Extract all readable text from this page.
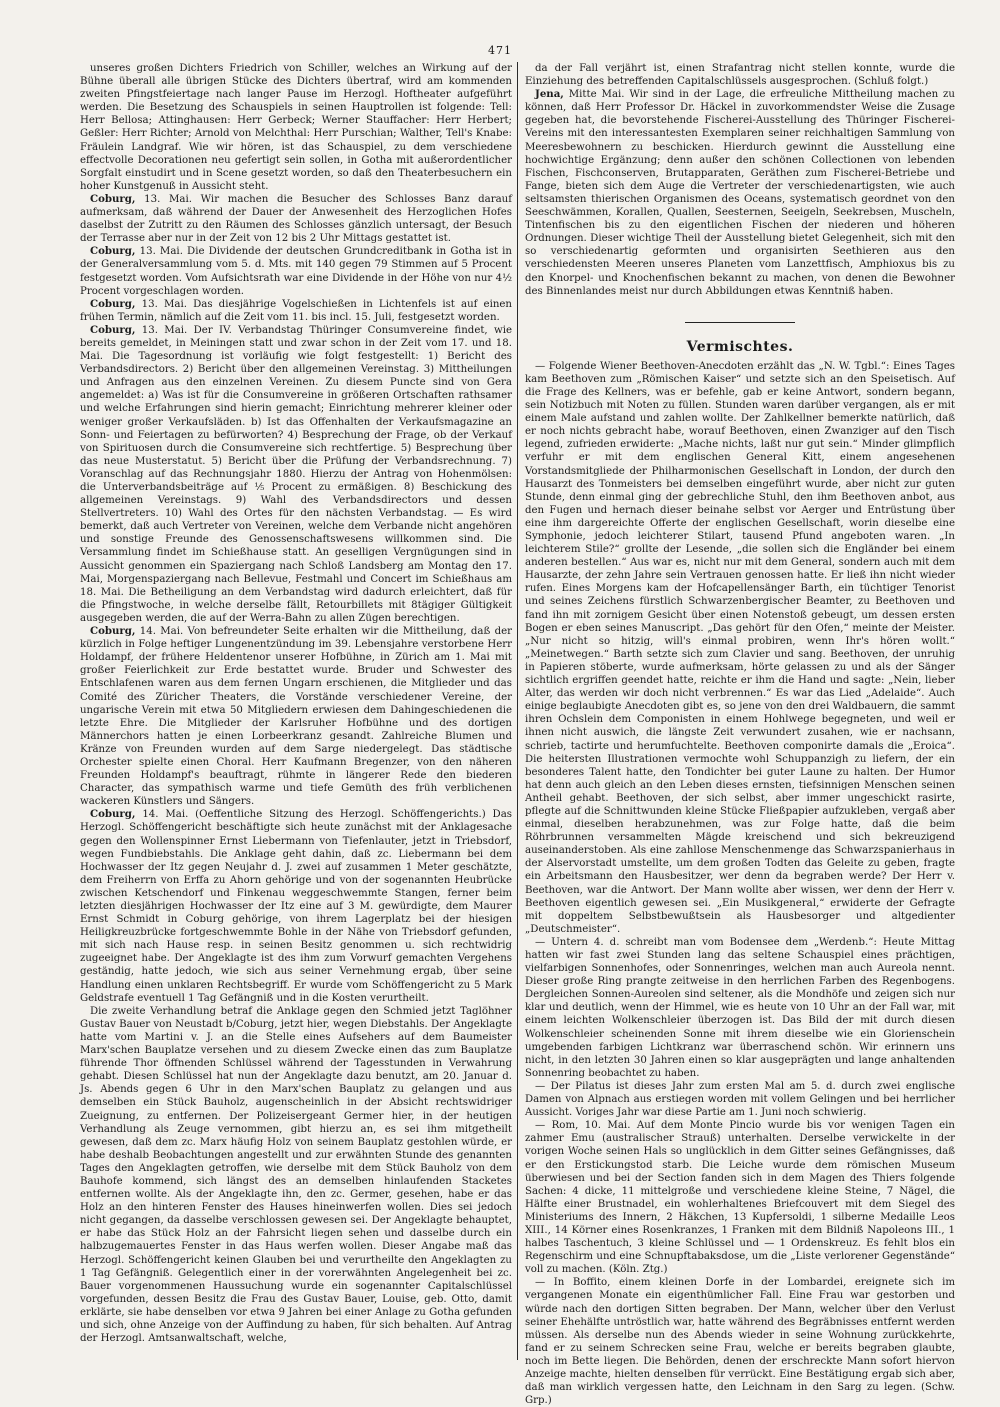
471

unseres großen Dichters Friedrich von Schiller, welches an Wirkung auf der Bühne überall alle übrigen Stücke des Dichters übertraf, wird am kommenden zweiten Pfingstfeiertage nach langer Pause im Herzogl. Hoftheater aufgeführt werden. Die Besetzung des Schauspiels in seinen Hauptrollen ist folgende: Tell: Herr Bellosa; Attinghausen: Herr Gerbeck; Werner Stauffacher: Herr Herbert; Geßler: Herr Richter; Arnold von Melchthal: Herr Purschian; Walther, Tell's Knabe: Fräulein Landgraf. Wie wir hören, ist das Schauspiel, zu dem verschiedene effectvolle Decorationen neu gefertigt sein sollen, in Gotha mit außerordentlicher Sorgfalt einstudirt und in Scene gesetzt worden, so daß den Theaterbesuchern ein hoher Kunstgenuß in Aussicht steht.

Coburg, 13. Mai. Wir machen die Besucher des Schlosses Banz darauf aufmerksam, daß während der Dauer der Anwesenheit des Herzoglichen Hofes daselbst der Zutritt zu den Räumen des Schlosses gänzlich untersagt, der Besuch der Terrasse aber nur in der Zeit von 12 bis 2 Uhr Mittags gestattet ist.

Coburg, 13. Mai. Die Dividende der deutschen Grundcreditbank in Gotha ist in der Generalversammlung vom 5. d. Mts. mit 140 gegen 79 Stimmen auf 5 Procent festgesetzt worden. Vom Aufsichtsrath war eine Dividende in der Höhe von nur 4½ Procent vorgeschlagen worden.

Coburg, 13. Mai. Das diesjährige Vogelschießen in Lichtenfels ist auf einen frühen Termin, nämlich auf die Zeit vom 11. bis incl. 15. Juli, festgesetzt worden.

Coburg, 13. Mai. Der IV. Verbandstag Thüringer Consumvereine findet, wie bereits gemeldet, in Meiningen statt und zwar schon in der Zeit vom 17. und 18. Mai. Die Tagesordnung ist vorläufig wie folgt festgestellt: 1) Bericht des Verbandsdirectors. 2) Bericht über den allgemeinen Vereinstag. 3) Mittheilungen und Anfragen aus den einzelnen Vereinen. Zu diesem Puncte sind von Gera angemeldet: a) Was ist für die Consumvereine in größeren Ortschaften rathsamer und welche Erfahrungen sind hierin gemacht; Einrichtung mehrerer kleiner oder weniger großer Verkaufsläden. b) Ist das Offenhalten der Verkaufsmagazine an Sonn- und Feiertagen zu befürworten? 4) Besprechung der Frage, ob der Verkauf von Spirituosen durch die Consumvereine sich rechtfertige. 5) Besprechung über das neue Musterstatut. 5) Bericht über die Prüfung der Verbandsrechnung. 7) Voranschlag auf das Rechnungsjahr 1880. Hierzu der Antrag von Hohenmölsen: die Unterverbandsbeiträge auf ⅕ Procent zu ermäßigen. 8) Beschickung des allgemeinen Vereinstags. 9) Wahl des Verbandsdirectors und dessen Stellvertreters. 10) Wahl des Ortes für den nächsten Verbandstag. — Es wird bemerkt, daß auch Vertreter von Vereinen, welche dem Verbande nicht angehören und sonstige Freunde des Genossenschaftswesens willkommen sind. Die Versammlung findet im Schießhause statt. An geselligen Vergnügungen sind in Aussicht genommen ein Spaziergang nach Schloß Landsberg am Montag den 17. Mai, Morgenspaziergang nach Bellevue, Festmahl und Concert im Schießhaus am 18. Mai. Die Betheiligung an dem Verbandstag wird dadurch erleichtert, daß für die Pfingstwoche, in welche derselbe fällt, Retourbillets mit 8tägiger Gültigkeit ausgegeben werden, die auf der Werra-Bahn zu allen Zügen berechtigen.

Coburg, 14. Mai. Von befreundeter Seite erhalten wir die Mittheilung, daß der kürzlich in Folge heftiger Lungenentzündung im 39. Lebensjahre verstorbene Herr Holdampf, der frühere Heldentenor unserer Hofbühne, in Zürich am 1. Mai mit großer Feierlichkeit zur Erde bestattet wurde. Bruder und Schwester des Entschlafenen waren aus dem fernen Ungarn erschienen, die Mitglieder und das Comité des Züricher Theaters, die Vorstände verschiedener Vereine, der ungarische Verein mit etwa 50 Mitgliedern erwiesen dem Dahingeschiedenen die letzte Ehre. Die Mitglieder der Karlsruher Hofbühne und des dortigen Männerchors hatten je einen Lorbeerkranz gesandt. Zahlreiche Blumen und Kränze von Freunden wurden auf dem Sarge niedergelegt. Das städtische Orchester spielte einen Choral. Herr Kaufmann Bregenzer, von den näheren Freunden Holdampf's beauftragt, rühmte in längerer Rede den biederen Character, das sympathisch warme und tiefe Gemüth des früh verblichenen wackeren Künstlers und Sängers.

Coburg, 14. Mai. (Oeffentliche Sitzung des Herzogl. Schöffengerichts.) Das Herzogl. Schöffengericht beschäftigte sich heute zunächst mit der Anklagesache gegen den Wollenspinner Ernst Liebermann von Tiefenlauter, jetzt in Triebsdorf, wegen Fundbiebstahls. Die Anklage geht dahin, daß zc. Liebermann bei dem Hochwasser der Itz gegen Neujahr d. J. zwei auf zusammen 1 Meter geschätzte, dem Freiherrn von Erffa zu Ahorn gehörige und von der sogenannten Heubrücke zwischen Ketschendorf und Finkenau weggeschwemmte Stangen, ferner beim letzten diesjährigen Hochwasser der Itz eine auf 3 M. gewürdigte, dem Maurer Ernst Schmidt in Coburg gehörige, von ihrem Lagerplatz bei der hiesigen Heiligkreuzbrücke fortgeschwemmte Bohle in der Nähe von Triebsdorf gefunden, mit sich nach Hause resp. in seinen Besitz genommen u. sich rechtwidrig zugeeignet habe. Der Angeklagte ist des ihm zum Vorwurf gemachten Vergehens geständig, hatte jedoch, wie sich aus seiner Vernehmung ergab, über seine Handlung einen unklaren Rechtsbegriff. Er wurde vom Schöffengericht zu 5 Mark Geldstrafe eventuell 1 Tag Gefängniß und in die Kosten verurtheilt.

Die zweite Verhandlung betraf die Anklage gegen den Schmied jetzt Taglöhner Gustav Bauer von Neustadt b/Coburg, jetzt hier, wegen Diebstahls. Der Angeklagte hatte vom Martini v. J. an die Stelle eines Aufsehers auf dem Baumeister Marx'schen Bauplatze versehen und zu diesem Zwecke einen das zum Bauplatze führende Thor öffnenden Schlüssel während der Tagesstunden in Verwahrung gehabt. Diesen Schlüssel hat nun der Angeklagte dazu benutzt, am 20. Januar d. Js. Abends gegen 6 Uhr in den Marx'schen Bauplatz zu gelangen und aus demselben ein Stück Bauholz, augenscheinlich in der Absicht rechtswidriger Zueignung, zu entfernen. Der Polizeisergeant Germer hier, in der heutigen Verhandlung als Zeuge vernommen, gibt hierzu an, es sei ihm mitgetheilt gewesen, daß dem zc. Marx häufig Holz von seinem Bauplatz gestohlen würde, er habe deshalb Beobachtungen angestellt und zur erwähnten Stunde des genannten Tages den Angeklagten getroffen, wie derselbe mit dem Stück Bauholz von dem Bauhofe kommend, sich längst des an demselben hinlaufenden Stacketes entfernen wollte. Als der Angeklagte ihn, den zc. Germer, gesehen, habe er das Holz an den hinteren Fenster des Hauses hineinwerfen wollen. Dies sei jedoch nicht gegangen, da dasselbe verschlossen gewesen sei. Der Angeklagte behauptet, er habe das Stück Holz an der Fahrsicht liegen sehen und dasselbe durch ein halbzugemauertes Fenster in das Haus werfen wollen. Dieser Angabe maß das Herzogl. Schöffengericht keinen Glauben bei und verurtheilte den Angeklagten zu 1 Tag Gefängniß. Gelegentlich einer in der vorerwähnten Angelegenheit bei zc. Bauer vorgenommenen Haussuchung wurde ein sogenannter Capitalschlüssel vorgefunden, dessen Besitz die Frau des Gustav Bauer, Louise, geb. Otto, damit erklärte, sie habe denselben vor etwa 9 Jahren bei einer Anlage zu Gotha gefunden und sich, ohne Anzeige von der Auffindung zu haben, für sich behalten. Auf Antrag der Herzogl. Amtsanwaltschaft, welche,

da der Fall verjährt ist, einen Strafantrag nicht stellen konnte, wurde die Einziehung des betreffenden Capitalschlüssels ausgesprochen. (Schluß folgt.)

Jena, Mitte Mai. Wir sind in der Lage, die erfreuliche Mittheilung machen zu können, daß Herr Professor Dr. Häckel in zuvorkommendster Weise die Zusage gegeben hat, die bevorstehende Fischerei-Ausstellung des Thüringer Fischerei-Vereins mit den interessantesten Exemplaren seiner reichhaltigen Sammlung von Meeresbewohnern zu beschicken. Hierdurch gewinnt die Ausstellung eine hochwichtige Ergänzung; denn außer den schönen Collectionen von lebenden Fischen, Fischconserven, Brutapparaten, Geräthen zum Fischerei-Betriebe und Fange, bieten sich dem Auge die Vertreter der verschiedenartigsten, wie auch seltsamsten thierischen Organismen des Oceans, systematisch geordnet von den Seeschwämmen, Korallen, Quallen, Seesternen, Seeigeln, Seekrebsen, Muscheln, Tintenfischen bis zu den eigentlichen Fischen der niederen und höheren Ordnungen. Dieser wichtige Theil der Ausstellung bietet Gelegenheit, sich mit den so verschiedenartig geformten und organisirten Seethieren aus den verschiedensten Meeren unseres Planeten vom Lanzettfisch, Amphioxus bis zu den Knorpel- und Knochenfischen bekannt zu machen, von denen die Bewohner des Binnenlandes meist nur durch Abbildungen etwas Kenntniß haben.

Vermischtes.

— Folgende Wiener Beethoven-Anecdoten erzählt das „N. W. Tgbl.“: Eines Tages kam Beethoven zum „Römischen Kaiser“ und setzte sich an den Speisetisch. Auf die Frage des Kellners, was er befehle, gab er keine Antwort, sondern begann, sein Notizbuch mit Noten zu füllen. Stunden waren darüber vergangen, als er mit einem Male aufstand und zahlen wollte. Der Zahlkellner bemerkte natürlich, daß er noch nichts gebracht habe, worauf Beethoven, einen Zwanziger auf den Tisch legend, zufrieden erwiderte: „Mache nichts, laßt nur gut sein.“ Minder glimpflich verfuhr er mit dem englischen General Kitt, einem angesehenen Vorstandsmitgliede der Philharmonischen Gesellschaft in London, der durch den Hausarzt des Tonmeisters bei demselben eingeführt wurde, aber nicht zur guten Stunde, denn einmal ging der gebrechliche Stuhl, den ihm Beethoven anbot, aus den Fugen und hernach dieser beinahe selbst vor Aerger und Entrüstung über eine ihm dargereichte Offerte der englischen Gesellschaft, worin dieselbe eine Symphonie, jedoch leichterer Stilart, tausend Pfund angeboten waren. „In leichterem Stile?“ grollte der Lesende, „die sollen sich die Engländer bei einem anderen bestellen.“ Aus war es, nicht nur mit dem General, sondern auch mit dem Hausarzte, der zehn Jahre sein Vertrauen genossen hatte. Er ließ ihn nicht wieder rufen. Eines Morgens kam der Hofcapellensänger Barth, ein tüchtiger Tenorist und seines Zeichens fürstlich Schwarzenbergischer Beamter, zu Beethoven und fand ihn mit zornigem Gesicht über einen Notenstoß gebeugt, um dessen ersten Bogen er eben seines Manuscript. „Das gehört für den Ofen,“ meinte der Meister. „Nur nicht so hitzig, will's einmal probiren, wenn Ihr's hören wollt.“ „Meinetwegen.“ Barth setzte sich zum Clavier und sang. Beethoven, der unruhig in Papieren stöberte, wurde aufmerksam, hörte gelassen zu und als der Sänger sichtlich ergriffen geendet hatte, reichte er ihm die Hand und sagte: „Nein, lieber Alter, das werden wir doch nicht verbrennen.“ Es war das Lied „Adelaide“. Auch einige beglaubigte Anecdoten gibt es, so jene von den drei Waldbauern, die sammt ihren Ochslein dem Componisten in einem Hohlwege begegneten, und weil er ihnen nicht auswich, die längste Zeit verwundert zusahen, wie er nachsann, schrieb, tactirte und herumfuchtelte. Beethoven componirte damals die „Eroica“. Die heitersten Illustrationen vermochte wohl Schuppanzigh zu liefern, der ein besonderes Talent hatte, den Tondichter bei guter Laune zu halten. Der Humor hat denn auch gleich an den Leben dieses ernsten, tiefsinnigen Menschen seinen Antheil gehabt. Beethoven, der sich selbst, aber immer ungeschickt rasirte, pflegte auf die Schnittwunden kleine Stücke Fließpapier aufzukleben, vergaß aber einmal, dieselben herabzunehmen, was zur Folge hatte, daß die beim Röhrbrunnen versammelten Mägde kreischend und sich bekreuzigend auseinanderstoben. Als eine zahllose Menschenmenge das Schwarzspanierhaus in der Alservorstadt umstellte, um dem großen Todten das Geleite zu geben, fragte ein Arbeitsmann den Hausbesitzer, wer denn da begraben werde? Der Herr v. Beethoven, war die Antwort. Der Mann wollte aber wissen, wer denn der Herr v. Beethoven eigentlich gewesen sei. „Ein Musikgeneral,“ erwiderte der Gefragte mit doppeltem Selbstbewußtsein als Hausbesorger und altgedienter „Deutschmeister“.

— Untern 4. d. schreibt man vom Bodensee dem „Werdenb.“: Heute Mittag hatten wir fast zwei Stunden lang das seltene Schauspiel eines prächtigen, vielfarbigen Sonnenhofes, oder Sonnenringes, welchen man auch Aureola nennt. Dieser große Ring prangte zeitweise in den herrlichen Farben des Regenbogens. Dergleichen Sonnen-Aureolen sind seltener, als die Mondhöfe und zeigen sich nur klar und deutlich, wenn der Himmel, wie es heute von 10 Uhr an der Fall war, mit einem leichten Wolkenschleier überzogen ist. Das Bild der mit durch diesen Wolkenschleier scheinenden Sonne mit ihrem dieselbe wie ein Glorienschein umgebenden farbigen Lichtkranz war überraschend schön. Wir erinnern uns nicht, in den letzten 30 Jahren einen so klar ausgeprägten und lange anhaltenden Sonnenring beobachtet zu haben.

— Der Pilatus ist dieses Jahr zum ersten Mal am 5. d. durch zwei englische Damen von Alpnach aus erstiegen worden mit vollem Gelingen und bei herrlicher Aussicht. Voriges Jahr war diese Partie am 1. Juni noch schwierig.

— Rom, 10. Mai. Auf dem Monte Pincio wurde bis vor wenigen Tagen ein zahmer Emu (australischer Strauß) unterhalten. Derselbe verwickelte in der vorigen Woche seinen Hals so unglücklich in dem Gitter seines Gefängnisses, daß er den Erstickungstod starb. Die Leiche wurde dem römischen Museum überwiesen und bei der Section fanden sich in dem Magen des Thiers folgende Sachen: 4 dicke, 11 mittelgroße und verschiedene kleine Steine, 7 Nägel, die Hälfte einer Brustnadel, ein wohlerhaltenes Briefcouvert mit dem Siegel des Ministeriums des Innern, 2 Häkchen, 13 Kupfersoldi, 1 silberne Medaille Leos XIII., 14 Körner eines Rosenkranzes, 1 Franken mit dem Bildniß Napoleons III., 1 halbes Taschentuch, 3 kleine Schlüssel und — 1 Ordenskreuz. Es fehlt blos ein Regenschirm und eine Schnupftabaksdose, um die „Liste verlorener Gegenstände“ voll zu machen. (Köln. Ztg.)

— In Boffito, einem kleinen Dorfe in der Lombardei, ereignete sich im vergangenen Monate ein eigenthümlicher Fall. Eine Frau war gestorben und würde nach den dortigen Sitten begraben. Der Mann, welcher über den Verlust seiner Ehehälfte untröstlich war, hatte während des Begräbnisses entfernt werden müssen. Als derselbe nun des Abends wieder in seine Wohnung zurückkehrte, fand er zu seinem Schrecken seine Frau, welche er bereits begraben glaubte, noch im Bette liegen. Die Behörden, denen der erschreckte Mann sofort hiervon Anzeige machte, hielten denselben für verrückt. Eine Bestätigung ergab sich aber, daß man wirklich vergessen hatte, den Leichnam in den Sarg zu legen. (Schw. Grp.)
